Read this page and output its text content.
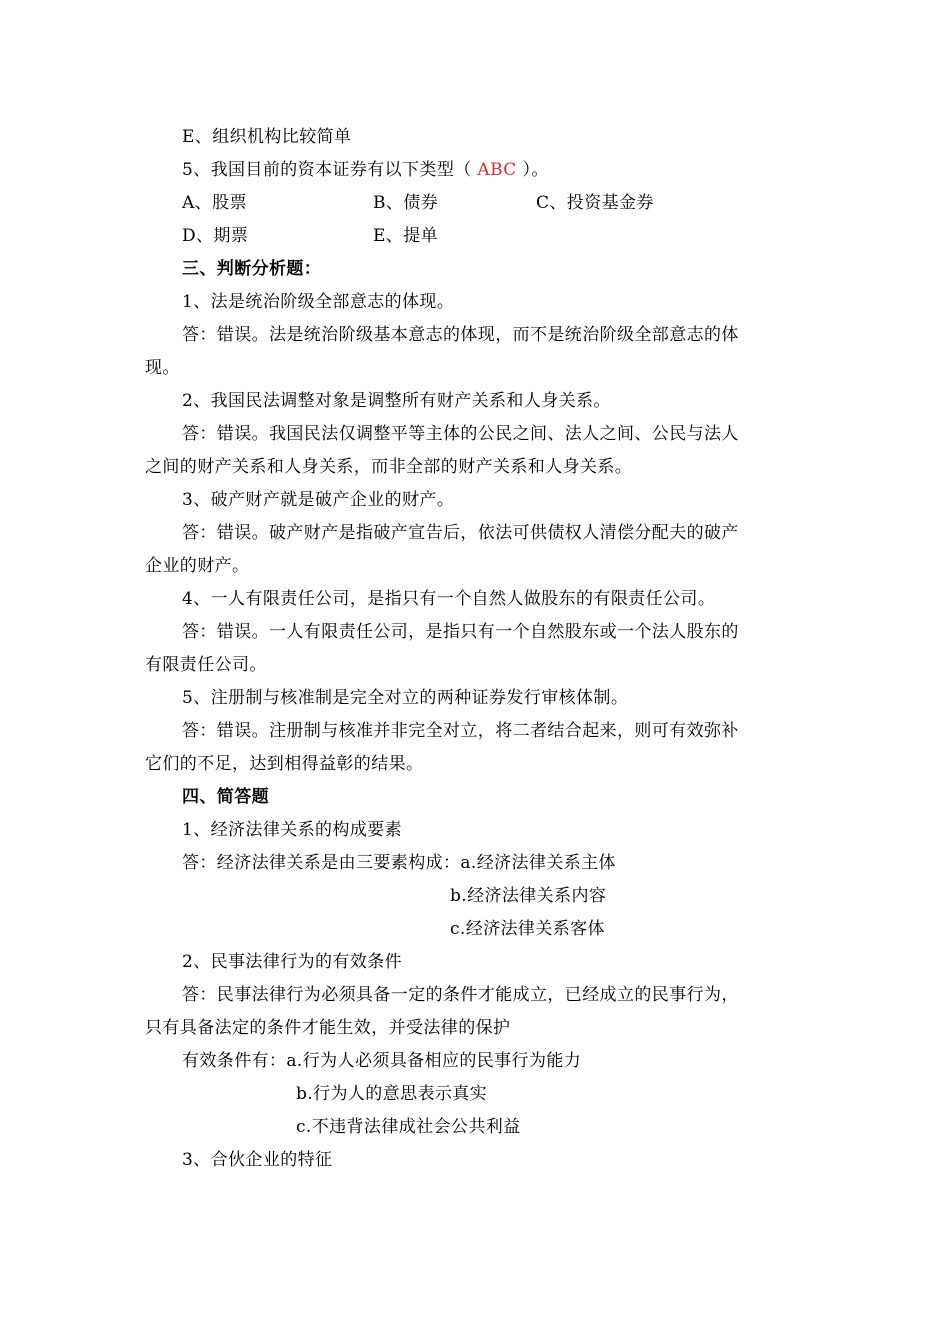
E、组织机构比较简单
5、我国目前的资本证券有以下类型（ ABC ）。
A、股票	B、债券	C、投资基金券
D、期票	E、提单
三、判断分析题：
1、法是统治阶级全部意志的体现。
答：错误。法是统治阶级基本意志的体现，而不是统治阶级全部意志的体
现。
2、我国民法调整对象是调整所有财产关系和人身关系。
答：错误。我国民法仅调整平等主体的公民之间、法人之间、公民与法人
之间的财产关系和人身关系，而非全部的财产关系和人身关系。
3、破产财产就是破产企业的财产。
答：错误。破产财产是指破产宣告后，依法可供债权人清偿分配夫的破产
企业的财产。
4、一人有限责任公司，是指只有一个自然人做股东的有限责任公司。
答：错误。一人有限责任公司，是指只有一个自然股东或一个法人股东的
有限责任公司。
5、注册制与核准制是完全对立的两种证券发行审核体制。
答：错误。注册制与核准并非完全对立，将二者结合起来，则可有效弥补
它们的不足，达到相得益彰的结果。
四、简答题
1、经济法律关系的构成要素
答：经济法律关系是由三要素构成：a.经济法律关系主体
b.经济法律关系内容
c.经济法律关系客体
2、民事法律行为的有效条件
答：民事法律行为必须具备一定的条件才能成立，已经成立的民事行为，
只有具备法定的条件才能生效，并受法律的保护
有效条件有：a.行为人必须具备相应的民事行为能力
b.行为人的意思表示真实
c.不违背法律成社会公共利益
3、合伙企业的特征
